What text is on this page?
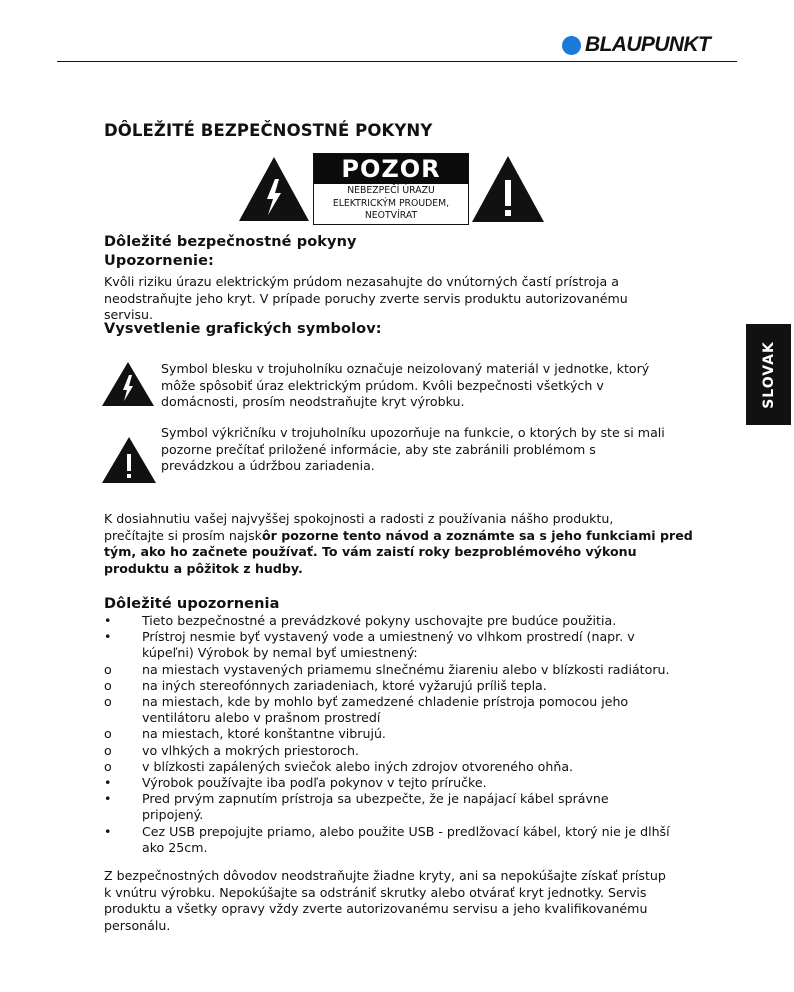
BLAUPUNKT
SLOVAK
DÔLEŽITÉ BEZPEČNOSTNÉ POKYNY
POZOR
NEBEZPEČÍ ÚRAZU
ELEKTRICKÝM PROUDEM,
NEOTVÍRAT
Dôležité bezpečnostné pokyny
Upozornenie:
Kvôli riziku úrazu elektrickým prúdom nezasahujte do vnútorných častí prístroja a
neodstraňujte jeho kryt. V prípade poruchy zverte servis produktu autorizovanému
servisu.
Vysvetlenie grafických symbolov:
Symbol blesku v trojuholníku označuje neizolovaný materiál v jednotke, ktorý
môže spôsobiť úraz elektrickým prúdom. Kvôli bezpečnosti všetkých v
domácnosti, prosím neodstraňujte kryt výrobku.
Symbol výkričníku v trojuholníku upozorňuje na funkcie, o ktorých by ste si mali
pozorne prečítať priložené informácie, aby ste zabránili problémom s
prevádzkou a údržbou zariadenia.
K dosiahnutiu vašej najvyššej spokojnosti a radosti z používania nášho produktu,
prečítajte si prosím najskôr pozorne tento návod a zoznámte sa s jeho funkciami pred
tým, ako ho začnete používať. To vám zaistí roky bezproblémového výkonu
produktu a pôžitok z hudby.
Dôležité upozornenia
•	Tieto bezpečnostné a prevádzkové pokyny uschovajte pre budúce použitia.
•	Prístroj nesmie byť vystavený vode a umiestnený vo vlhkom prostredí (napr. v
kúpeľni) Výrobok by nemal byť umiestnený:
o	na miestach vystavených priamemu slnečnému žiareniu alebo v blízkosti radiátoru.
o	na iných stereofónnych zariadeniach, ktoré vyžarujú príliš tepla.
o	na miestach, kde by mohlo byť zamedzené chladenie prístroja pomocou jeho
ventilátoru alebo v prašnom prostredí
o	na miestach, ktoré konštantne vibrujú.
o	vo vlhkých a mokrých priestoroch.
o	v blízkosti zapálených sviečok alebo iných zdrojov otvoreného ohňa.
•	Výrobok používajte iba podľa pokynov v tejto príručke.
•	Pred prvým zapnutím prístroja sa ubezpečte, že je napájací kábel správne
pripojený.
•	Cez USB prepojujte priamo, alebo použite USB - predlžovací kábel, ktorý nie je dlhší
ako 25cm.
Z bezpečnostných dôvodov neodstraňujte žiadne kryty, ani sa nepokúšajte získať prístup
k vnútru výrobku. Nepokúšajte sa odstrániť skrutky alebo otvárať kryt jednotky. Servis
produktu a všetky opravy vždy zverte autorizovanému servisu a jeho kvalifikovanému
personálu.
